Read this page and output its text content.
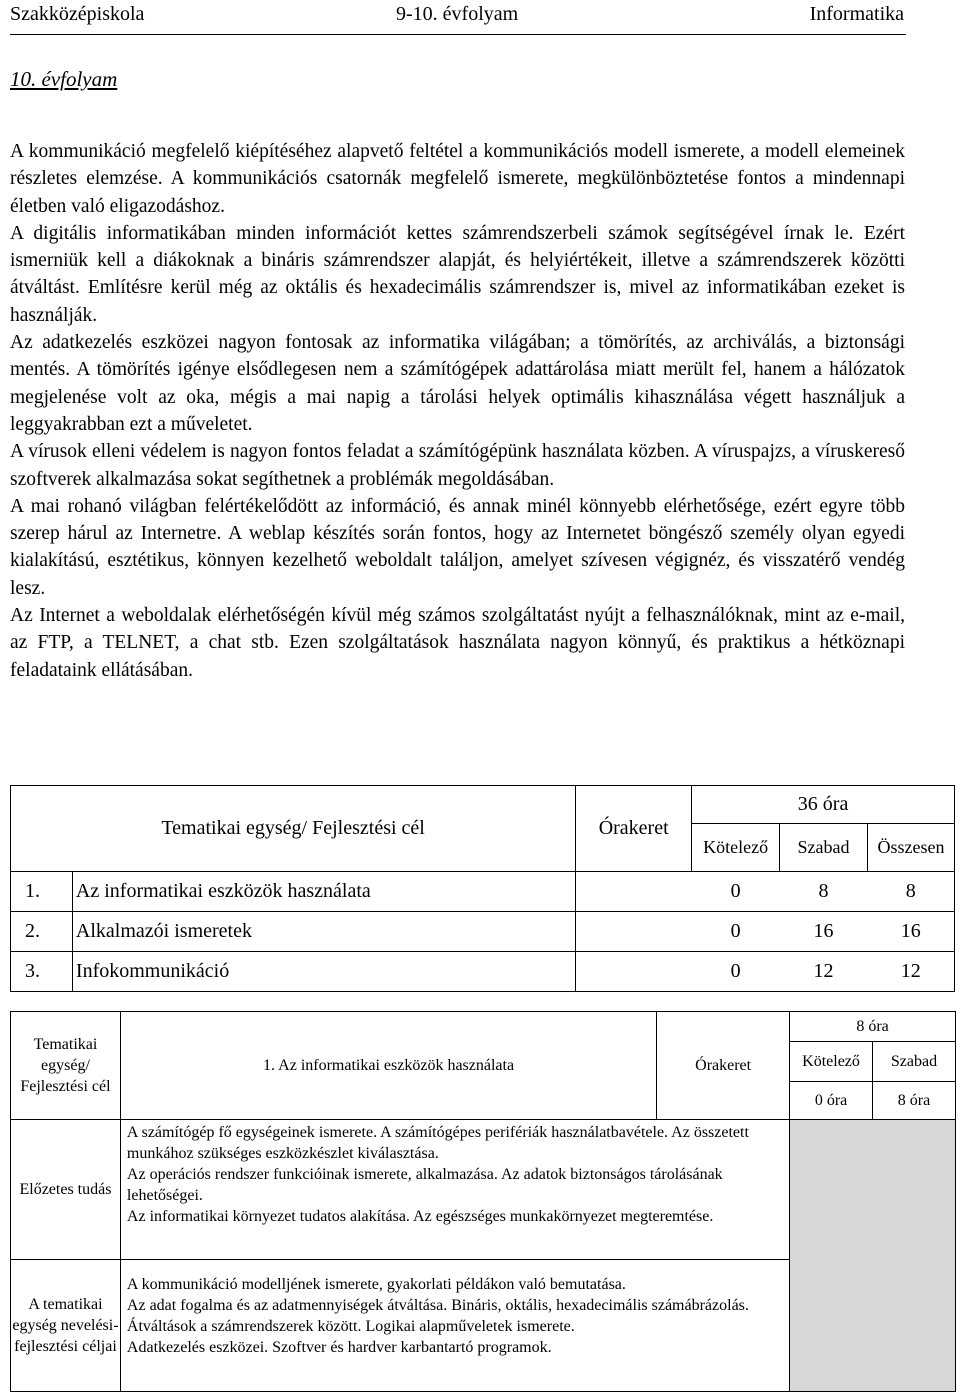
Szakközépiskola	9-10. évfolyam	Informatika
10. évfolyam

A kommunikáció megfelelő kiépítéséhez alapvető feltétel a kommunikációs modell ismerete, a modell elemeinek részletes elemzése. A kommunikációs csatornák megfelelő ismerete, megkülönböztetése fontos a mindennapi életben való eligazodáshoz.

A digitális informatikában minden információt kettes számrendszerbeli számok segítségével írnak le. Ezért ismerniük kell a diákoknak a bináris számrendszer alapját, és helyiértékeit, illetve a számrendszerek közötti átváltást. Említésre kerül még az oktális és hexadecimális számrendszer is, mivel az informatikában ezeket is használják.

Az adatkezelés eszközei nagyon fontosak az informatika világában; a tömörítés, az archiválás, a biztonsági mentés. A tömörítés igénye elsődlegesen nem a számítógépek adattárolása miatt merült fel, hanem a hálózatok megjelenése volt az oka, mégis a mai napig a tárolási helyek optimális kihasználása végett használjuk a leggyakrabban ezt a műveletet.

A vírusok elleni védelem is nagyon fontos feladat a számítógépünk használata közben. A víruspajzs, a víruskereső szoftverek alkalmazása sokat segíthetnek a problémák megoldásában.

A mai rohanó világban felértékelődött az információ, és annak minél könnyebb elérhetősége, ezért egyre több szerep hárul az Internetre. A weblap készítés során fontos, hogy az Internetet böngésző személy olyan egyedi kialakítású, esztétikus, könnyen kezelhető weboldalt találjon, amelyet szívesen végignéz, és visszatérő vendég lesz.

Az Internet a weboldalak elérhetőségén kívül még számos szolgáltatást nyújt a felhasználóknak, mint az e-mail, az FTP, a TELNET, a chat stb. Ezen szolgáltatások használata nagyon könnyű, és praktikus a hétköznapi feladataink ellátásában.

Tematikai egység/ Fejlesztési cél		Órakeret	36 óra		
			Kötelező	Szabad	Összesen
1.	Az informatikai eszközök használata		0	8	8
2.	Alkalmazói ismeretek		0	16	16
3.	Infokommunikáció		0	12	12
Tematikai egység/ Fejlesztési cél	1. Az informatikai eszközök használata	Órakeret	8 óra	
			Kötelező	Szabad
			0 óra	8 óra
Előzetes tudás	A számítógép fő egységeinek ismerete. A számítógépes perifériák használatbavétele. Az összetett munkához szükséges eszközkészlet kiválasztása.

Az operációs rendszer funkcióinak ismerete, alkalmazása. Az adatok biztonságos tárolásának lehetőségei.

Az informatikai környezet tudatos alakítása. Az egészséges munkakörnyezet megteremtése.			

A tematikai egység nevelési-fejlesztési céljai	A kommunikáció modelljének ismerete, gyakorlati példákon való bemutatása.

Az adat fogalma és az adatmennyiségek átváltása. Bináris, oktális, hexadecimális számábrázolás. Átváltások a számrendszerek között. Logikai alapműveletek ismerete.

Adatkezelés eszközei. Szoftver és hardver karbantartó programok.			
